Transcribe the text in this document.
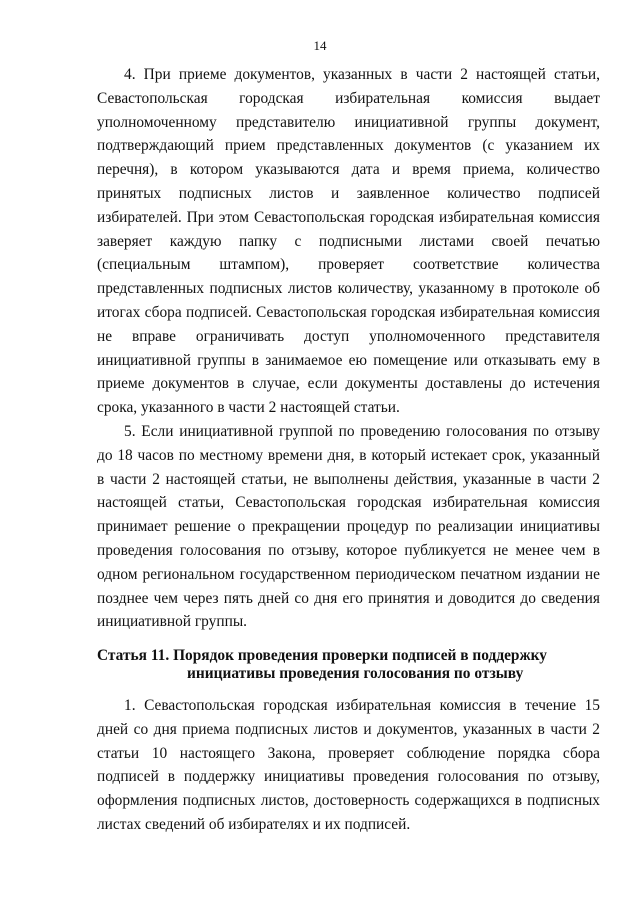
14

4. При приеме документов, указанных в части 2 настоящей статьи, Севастопольская городская избирательная комиссия выдает уполномоченному представителю инициативной группы документ, подтверждающий прием представленных документов (с указанием их перечня), в котором указываются дата и время приема, количество принятых подписных листов и заявленное количество подписей избирателей. При этом Севастопольская городская избирательная комиссия заверяет каждую папку с подписными листами своей печатью (специальным штампом), проверяет соответствие количества представленных подписных листов количеству, указанному в протоколе об итогах сбора подписей. Севастопольская городская избирательная комиссия не вправе ограничивать доступ уполномоченного представителя инициативной группы в занимаемое ею помещение или отказывать ему в приеме документов в случае, если документы доставлены до истечения срока, указанного в части 2 настоящей статьи.

5. Если инициативной группой по проведению голосования по отзыву до 18 часов по местному времени дня, в который истекает срок, указанный в части 2 настоящей статьи, не выполнены действия, указанные в части 2 настоящей статьи, Севастопольская городская избирательная комиссия принимает решение о прекращении процедур по реализации инициативы проведения голосования по отзыву, которое публикуется не менее чем в одном региональном государственном периодическом печатном издании не позднее чем через пять дней со дня его принятия и доводится до сведения инициативной группы.

Статья 11. Порядок проведения проверки подписей в поддержку
инициативы проведения голосования по отзыву

1. Севастопольская городская избирательная комиссия в течение 15 дней со дня приема подписных листов и документов, указанных в части 2 статьи 10 настоящего Закона, проверяет соблюдение порядка сбора подписей в поддержку инициативы проведения голосования по отзыву, оформления подписных листов, достоверность содержащихся в подписных листах сведений об избирателях и их подписей.
